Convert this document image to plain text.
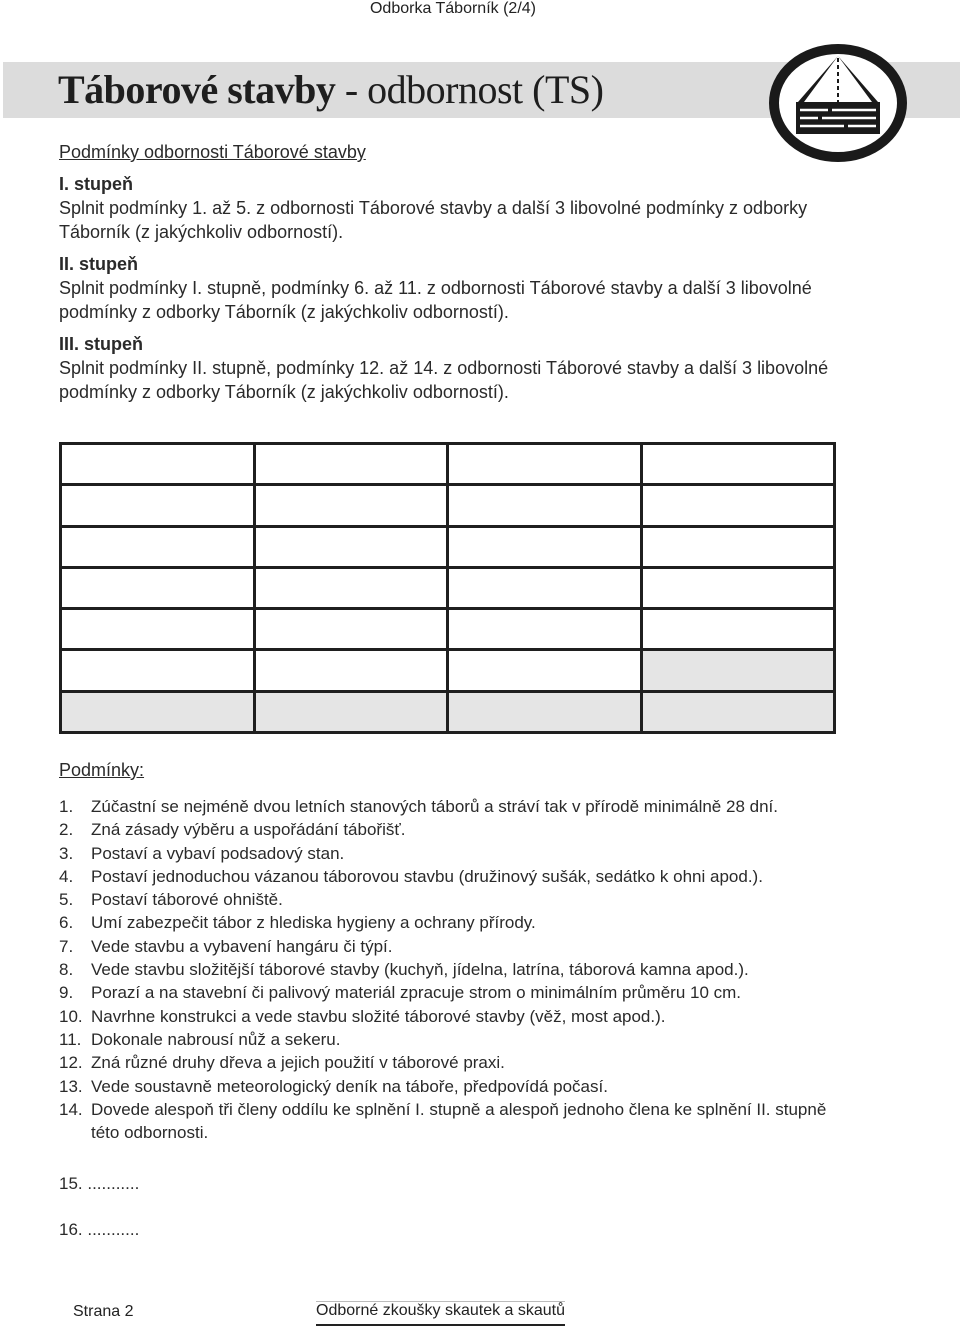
Odborka Táborník (2/4)
Táborové stavby - odbornost (TS)
Podmínky odbornosti Táborové stavby
I. stupeň
Splnit podmínky 1. až 5. z odbornosti Táborové stavby a další 3 libovolné podmínky z odborky Táborník (z jakýchkoliv odborností).
II. stupeň
Splnit podmínky I. stupně, podmínky 6. až 11. z odbornosti Táborové stavby a další 3 libovolné podmínky z odborky Táborník (z jakýchkoliv odborností).
III. stupeň
Splnit podmínky II. stupně, podmínky 12. až 14. z odbornosti Táborové stavby a další 3 libovolné podmínky z odborky Táborník (z jakýchkoliv odborností).

Podmínky:
1.	Zúčastní se nejméně dvou letních stanových táborů a stráví tak v přírodě minimálně 28 dní.
2.	Zná zásady výběru a uspořádání tábořišť.
3.	Postaví a vybaví podsadový stan.
4.	Postaví jednoduchou vázanou táborovou stavbu (družinový sušák, sedátko k ohni apod.).
5.	Postaví táborové ohniště.
6.	Umí zabezpečit tábor z hlediska hygieny a ochrany přírody.
7.	Vede stavbu a vybavení hangáru či týpí.
8.	Vede stavbu složitější táborové stavby (kuchyň, jídelna, latrína, táborová kamna apod.).
9.	Porazí a na stavební či palivový materiál zpracuje strom o minimálním průměru 10 cm.
10. Navrhne konstrukci a vede stavbu složité táborové stavby (věž, most apod.).
11. Dokonale nabrousí nůž a sekeru.
12. Zná různé druhy dřeva a jejich použití v táborové praxi.
13. Vede soustavně meteorologický deník na táboře, předpovídá počasí.
14. Dovede alespoň tři členy oddílu ke splnění I. stupně a alespoň jednoho člena ke splnění II. stupně této odbornosti.
15. ...........
16. ...........
Strana 2	Odborné zkoušky skautek a skautů
